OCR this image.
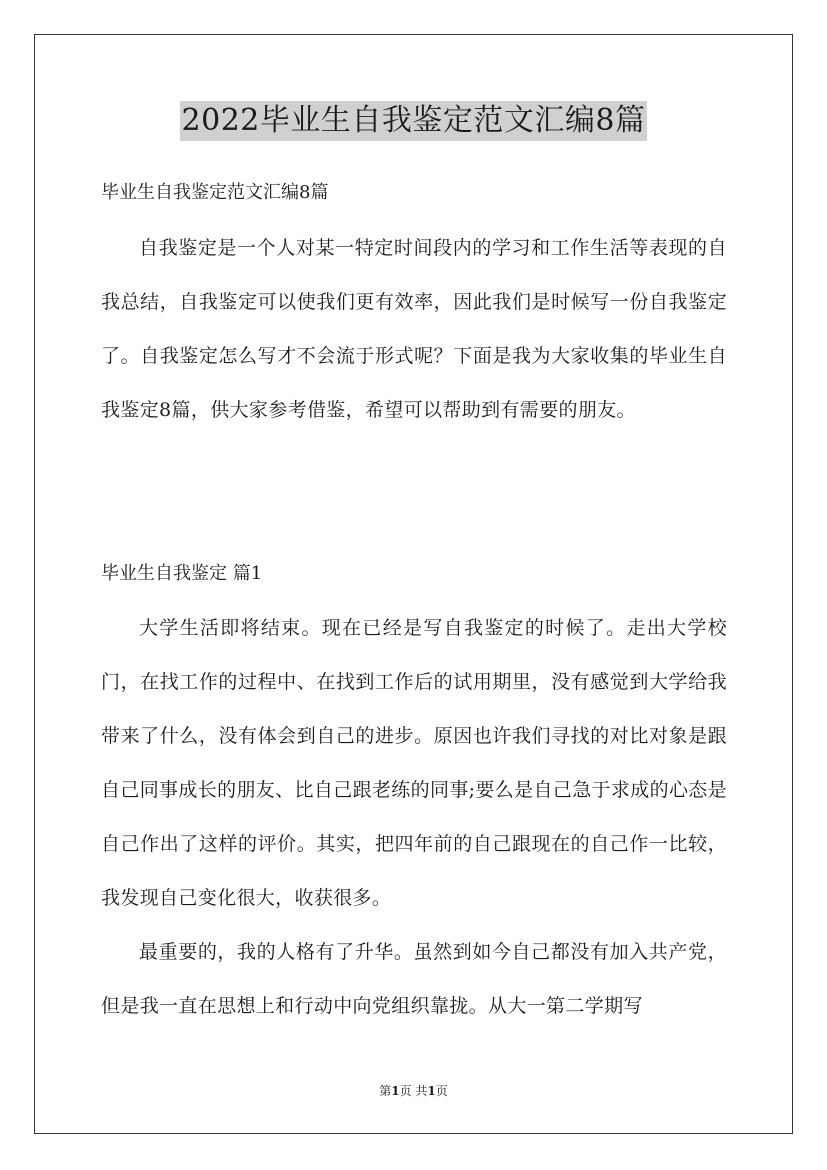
2022毕业生自我鉴定范文汇编8篇
毕业生自我鉴定范文汇编8篇

自我鉴定是一个人对某一特定时间段内的学习和工作生活等表现的自我总结，自我鉴定可以使我们更有效率，因此我们是时候写一份自我鉴定了。自我鉴定怎么写才不会流于形式呢？下面是我为大家收集的毕业生自我鉴定8篇，供大家参考借鉴，希望可以帮助到有需要的朋友。

毕业生自我鉴定 篇1

大学生活即将结束。现在已经是写自我鉴定的时候了。走出大学校门，在找工作的过程中、在找到工作后的试用期里，没有感觉到大学给我带来了什么，没有体会到自己的进步。原因也许我们寻找的对比对象是跟自己同事成长的朋友、比自己跟老练的同事;要么是自己急于求成的心态是自己作出了这样的评价。其实，把四年前的自己跟现在的自己作一比较，我发现自己变化很大，收获很多。

最重要的，我的人格有了升华。虽然到如今自己都没有加入共产党，但是我一直在思想上和行动中向党组织靠拢。从大一第二学期写

第1页 共1页
